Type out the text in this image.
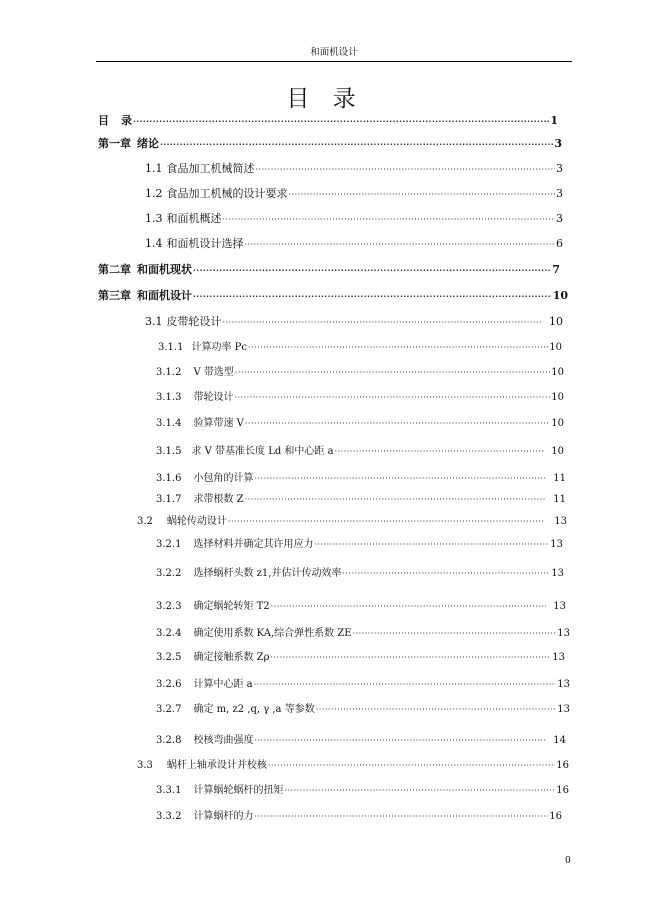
和面机设计
目 录
目 录 ·····	1
第一章 绪论 ·····	3
1.1 食品加工机械简述 ·····	3
1.2 食品加工机械的设计要求 ·····	3
1.3 和面机概述 ·····	3
1.4 和面机设计选择 ·····	6
第二章 和面机现状 ·····	7
第三章 和面机设计 ·····	10
3.1 皮带轮设计 ·····	10
3.1.1 计算功率 Pc ·····	10
3.1.2 V 带选型 ·····	10
3.1.3 带轮设计 ·····	10
3.1.4 验算带速 V ·····	10
3.1.5 求 V 带基准长度 Ld 和中心距 a ·····	10
3.1.6 小包角的计算 ·····	11
3.1.7 求带根数 Z ·····	11
3.2 蜗轮传动设计 ·····	13
3.2.1 选择材料并确定其许用应力 ·····	13
3.2.2 选择蜗杆头数 z1,并估计传动效率 ·····	13
3.2.3 确定蜗轮转矩 T2 ·····	13
3.2.4 确定使用系数 KA,综合弹性系数 ZE ·····	13
3.2.5 确定接触系数 Zρ ·····	13
3.2.6 计算中心距 a ·····	13
3.2.7 确定 m, z2 ,q, γ ,a 等参数 ·····	13
3.2.8 校核弯曲强度 ·····	14
3.3 蜗杆上轴承设计并校核 ·····	16
3.3.1 计算蜗轮蜗杆的扭矩 ·····	16
3.3.2 计算蜗杆的力 ·····	16
0
